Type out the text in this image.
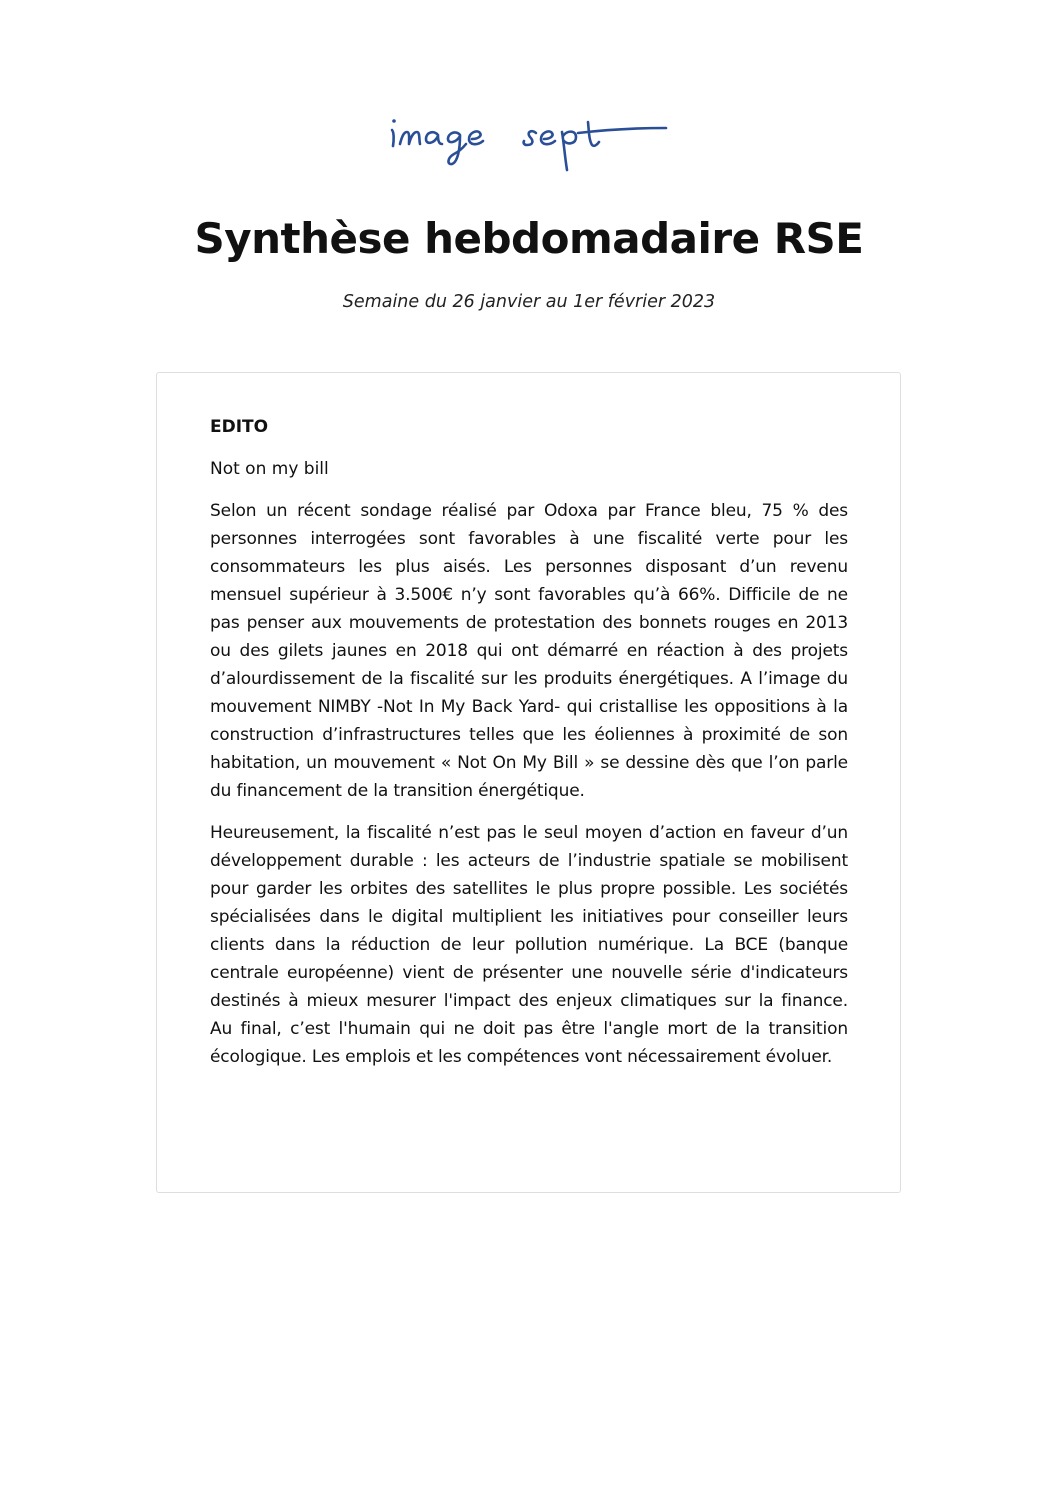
Synthèse hebdomadaire RSE

Semaine du 26 janvier au 1er février 2023

EDITO

Not on my bill

Selon un récent sondage réalisé par Odoxa par France bleu, 75 % des personnes interrogées sont favorables à une fiscalité verte pour les consommateurs les plus aisés. Les personnes disposant d’un revenu mensuel supérieur à 3.500€ n’y sont favorables qu’à 66%. Difficile de ne pas penser aux mouvements de protestation des bonnets rouges en 2013 ou des gilets jaunes en 2018 qui ont démarré en réaction à des projets d’alourdissement de la fiscalité sur les produits énergétiques. A l’image du mouvement NIMBY -Not In My Back Yard- qui cristallise les oppositions à la construction d’infrastructures telles que les éoliennes à proximité de son habitation, un mouvement « Not On My Bill » se dessine dès que l’on parle du financement de la transition énergétique.

Heureusement, la fiscalité n’est pas le seul moyen d’action en faveur d’un développement durable : les acteurs de l’industrie spatiale se mobilisent pour garder les orbites des satellites le plus propre possible. Les sociétés spécialisées dans le digital multiplient les initiatives pour conseiller leurs clients dans la réduction de leur pollution numérique. La BCE (banque centrale européenne) vient de présenter une nouvelle série d'indicateurs destinés à mieux mesurer l'impact des enjeux climatiques sur la finance. Au final, c’est l'humain qui ne doit pas être l'angle mort de la transition écologique. Les emplois et les compétences vont nécessairement évoluer.
